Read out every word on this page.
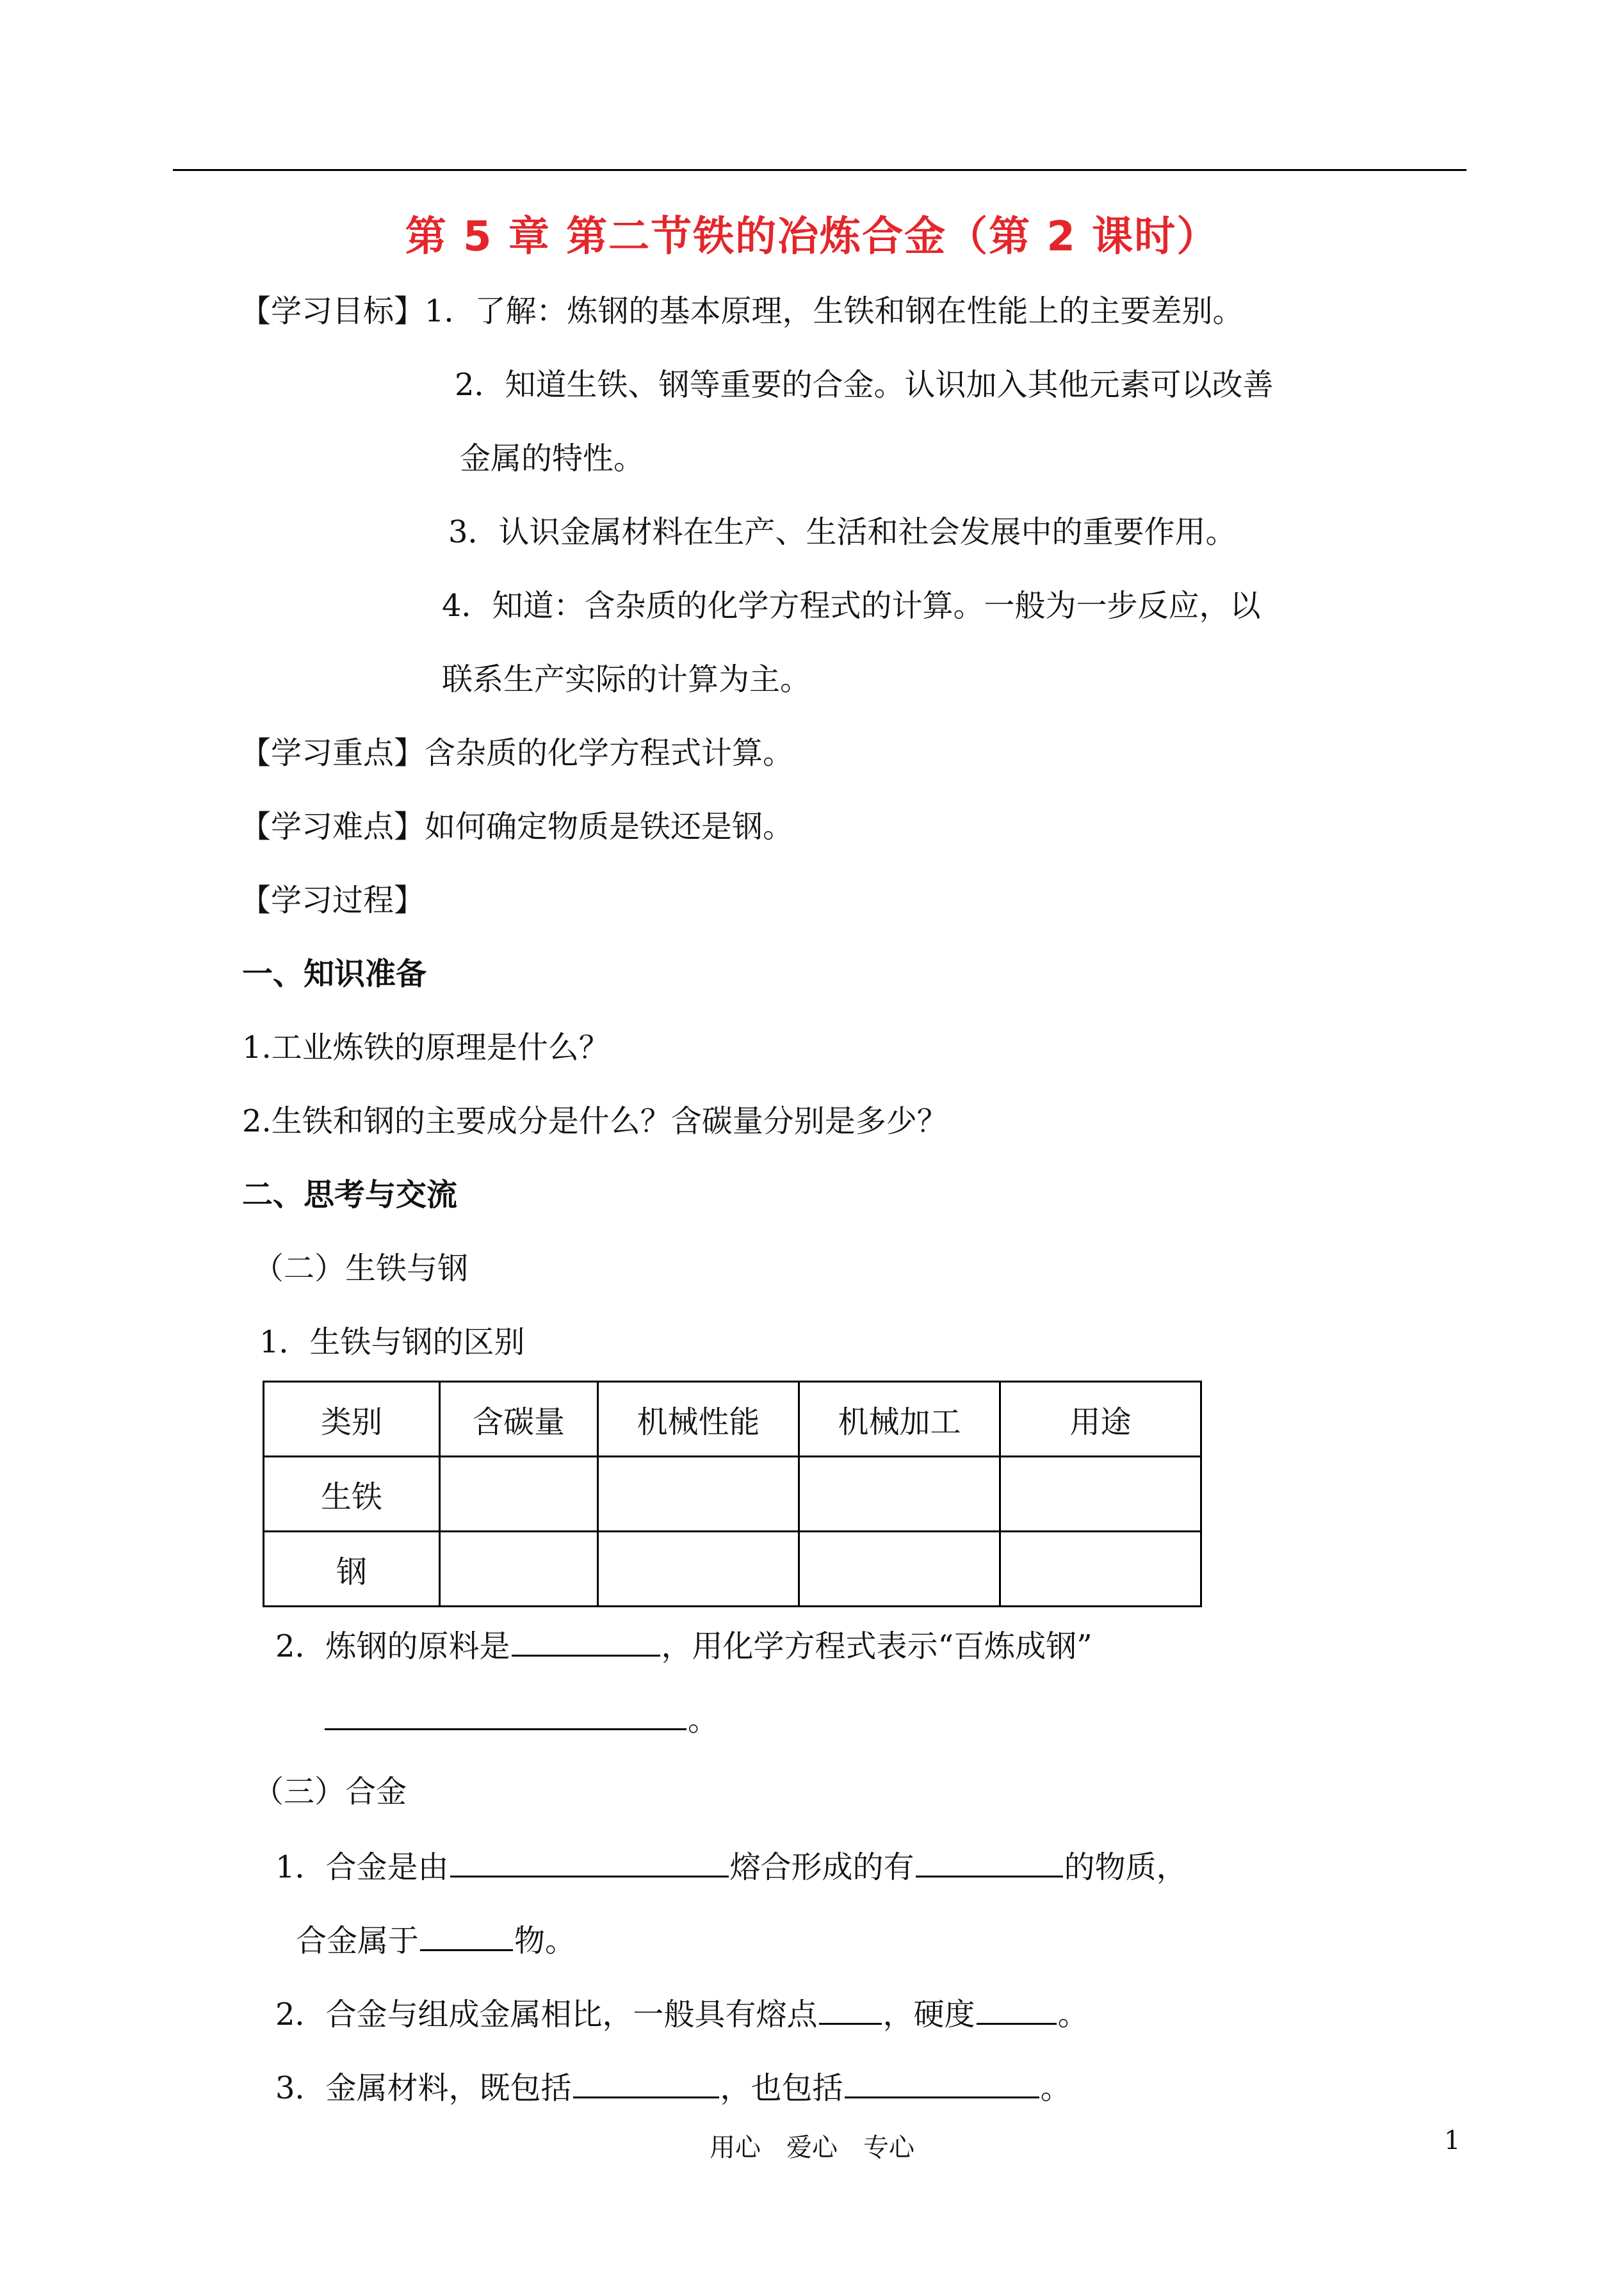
第 5 章 第二节铁的冶炼合金（第 2 课时）
【学习目标】1．了解：炼钢的基本原理，生铁和钢在性能上的主要差别。
2．知道生铁、钢等重要的合金。认识加入其他元素可以改善
金属的特性。
3．认识金属材料在生产、生活和社会发展中的重要作用。
4．知道：含杂质的化学方程式的计算。一般为一步反应，以
联系生产实际的计算为主。
【学习重点】含杂质的化学方程式计算。
【学习难点】如何确定物质是铁还是钢。
【学习过程】
一、知识准备
1.工业炼铁的原理是什么？
2.生铁和钢的主要成分是什么？含碳量分别是多少？
二、思考与交流
（二）生铁与钢
1．生铁与钢的区别
类别	含碳量	机械性能	机械加工	用途
生铁				
钢				
2．炼钢的原料是	，用化学方程式表示“百炼成钢”
。
（三）合金
1．合金是由	熔合形成的有	的物质，
合金属于	物。
2．合金与组成金属相比，一般具有熔点 ，硬度	。
3．金属材料，既包括	，也包括	。
用心　爱心　专心	1
